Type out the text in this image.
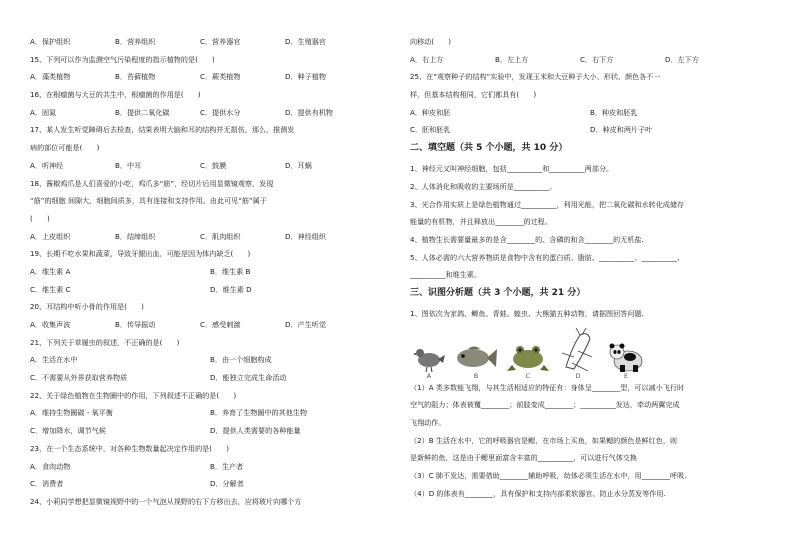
A．保护组织	B．营养组织	C．营养器官	D．生殖器官
15、下列可以作为监测空气污染程度的指示植物的是(　　)
A．藻类植物	B．苔藓植物	C．蕨类植物	D．种子植物
16、在根瘤菌与大豆的共生中，根瘤菌的作用是(　　)
A．固氮	B．提供二氧化碳	C．提供水分	D．提供有机物
17、某人发生听觉障碍后去检查，结果表明大脑和耳的结构并无损伤，那么，推测发
病的部位可能是(　　)
A．听神经	B．中耳	C．鼓膜	D．耳蜗
18、酱椒鸡爪是人们喜爱的小吃，鸡爪多“筋”，经切片后用显微镜观察，发现
“筋”的细胞 间隙大，细胞间质多，具有连接和支持作用。由此可见“筋”属于
(　　)
A．上皮组织	B．结缔组织	C．肌肉组织	D．神经组织
19、长期不吃水果和蔬菜，导致牙龈出血，可能是因为体内缺乏(　　)
A．维生素 A	B．维生素 B
C．维生素 C	D．维生素 D
20、耳结构中听小骨的作用是(　　)
A．收集声波	B．传导振动	C．感受刺激	D．产生听觉
21、下列关于草履虫的叙述，不正确的是(　　)
A．生活在水中	B．由一个细胞构成
C．不需要从外界获取营养物质	D．能独立完成生命活动
22、关于绿色植物在生物圈中的作用，下列叙述不正确的是(　　)
A．维持生物圈碳 - 氧平衡	B．养育了生物圈中的其他生物
C．增加降水，调节气候	D．提供人类需要的各种能量
23、在一个生态系统中，对各种生物数量起决定作用的是(　　)
A．食肉动物	B．生产者
C．消费者	D．分解者
24、小莉同学想把显微镜视野中的一个气泡从视野的右下方移出去，应将玻片向哪个方
向移动(　　)
A．右上方	B．左上方	C．右下方	D．左下方
25、在“观察种子的结构”实验中，发现玉米和大豆种子大小、形状、颜色各不一
样，但基本结构相同，它们都具有(　　)
A．种皮和胚	B．种皮和胚乳
C．胚和胚乳	D．种皮和两片子叶
二、填空题（共 5 个小题，共 10 分）
1、神经元又叫神经细胞，包括__________和__________两部分。
2、人体消化和吸收的主要场所是__________。
3、光合作用实质上是绿色植物通过__________，利用光能，把二氧化碳和水转化成储存
能量的有机物，并且释放出________的过程。
4、植物生长需要量最多的是含________的、含磷的和含________的无机盐.
5、人体必需的六大营养物质是食物中含有的蛋白质、脂肪、__________、__________、
__________和维生素。
三、识图分析题（共 3 个小题，共 21 分）
1、图依次为家鸽、鲫鱼、青蛙、蝗虫、大熊猫五种动物，请据图回答问题.
A	B	C	D	E
（1）A 类多数能飞翔，与其生活相适应的特征有：身体呈________型，可以减小飞行时
空气的阻力；体表被覆________；前肢变成________；__________发达，牵动两翼完成
飞翔动作。
（2）B 生活在水中，它的呼吸器官是鳃，在市场上买鱼，如果鳃的颜色是鲜红色，则
是新鲜的鱼，这是由于鳃里面富含丰富的__________，可以进行气体交换
（3）C 肺不发达，需要借助________辅助呼吸，幼体必须生活在水中，用________呼吸.
（4）D 的体表有________，具有保护和支持内部柔软器官、防止水分蒸发等作用.
